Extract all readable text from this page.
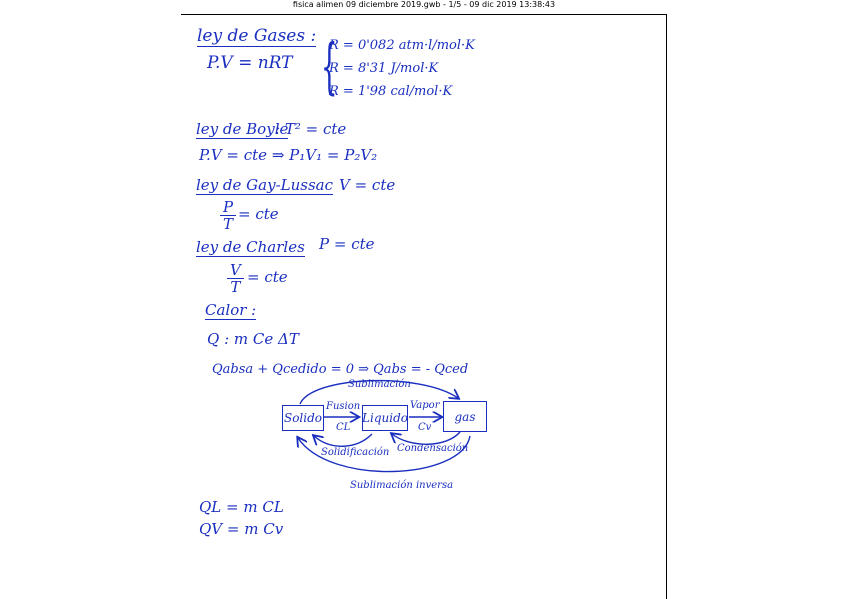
fisica alimen 09 diciembre 2019.gwb - 1/5 - 09 dic 2019 13:38:43
ley de Gases :
P.V = nRT {
R = 0'082 atm·l/mol·K
R = 8'31 J/mol·K
R = 1'98 cal/mol·K
ley de Boyle
: T² = cte
P.V = cte ⇒ P₁V₁ = P₂V₂
ley de Gay-Lussac V = cte
$\frac{P}{T}$ = cte
ley de Charles P = cte
$\frac{V}{T}$ = cte
Calor :
Q : m Ce ΔT
Qabsa + Qcedido = 0 ⇒ Qabs = - Qced
Sublimación
Solido
Fusion
CL
Liquido
Vapor
Cv
gas
Solidificación Condensación
Sublimación inversa
QL = m CL
QV = m Cv
